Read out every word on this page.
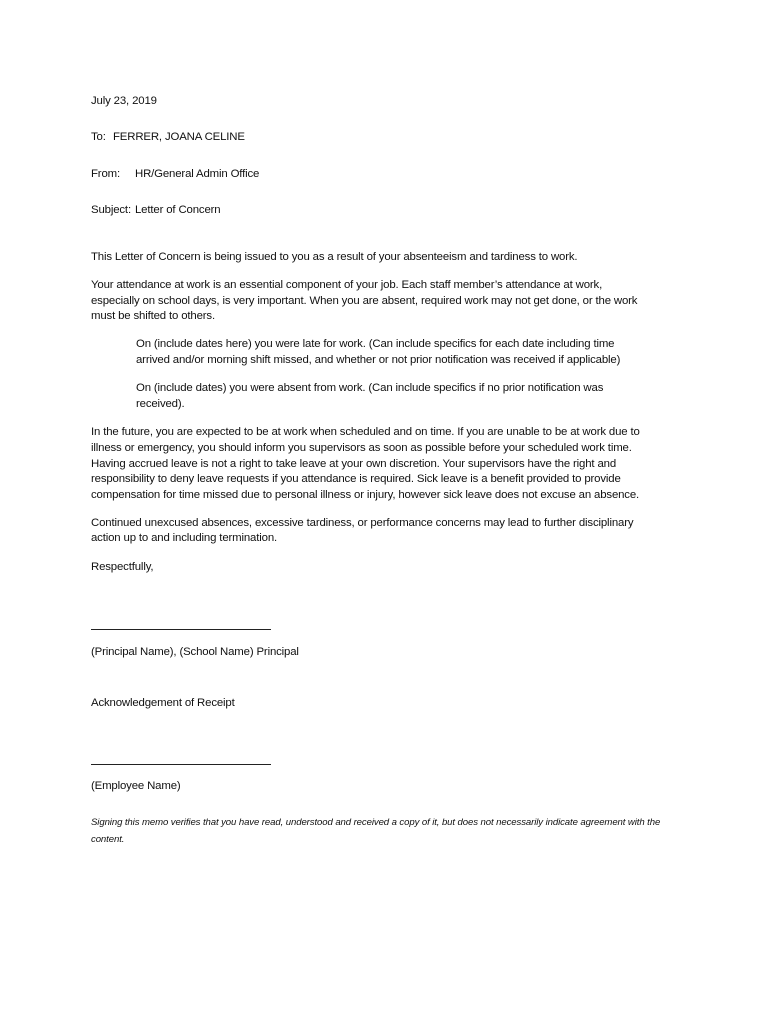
July 23, 2019

To: FERRER, JOANA CELINE

From: HR/General Admin Office

Subject: Letter of Concern

This Letter of Concern is being issued to you as a result of your absenteeism and tardiness to work.

Your attendance at work is an essential component of your job. Each staff member’s attendance at work,

especially on school days, is very important. When you are absent, required work may not get done, or the work

must be shifted to others.

On (include dates here) you were late for work. (Can include specifics for each date including time

arrived and/or morning shift missed, and whether or not prior notification was received if applicable)

On (include dates) you were absent from work. (Can include specifics if no prior notification was

received).

In the future, you are expected to be at work when scheduled and on time. If you are unable to be at work due to

illness or emergency, you should inform you supervisors as soon as possible before your scheduled work time.

Having accrued leave is not a right to take leave at your own discretion. Your supervisors have the right and

responsibility to deny leave requests if you attendance is required. Sick leave is a benefit provided to provide

compensation for time missed due to personal illness or injury, however sick leave does not excuse an absence.

Continued unexcused absences, excessive tardiness, or performance concerns may lead to further disciplinary

action up to and including termination.

Respectfully,

(Principal Name), (School Name) Principal

Acknowledgement of Receipt

(Employee Name)

Signing this memo verifies that you have read, understood and received a copy of it, but does not necessarily indicate agreement with the content.
